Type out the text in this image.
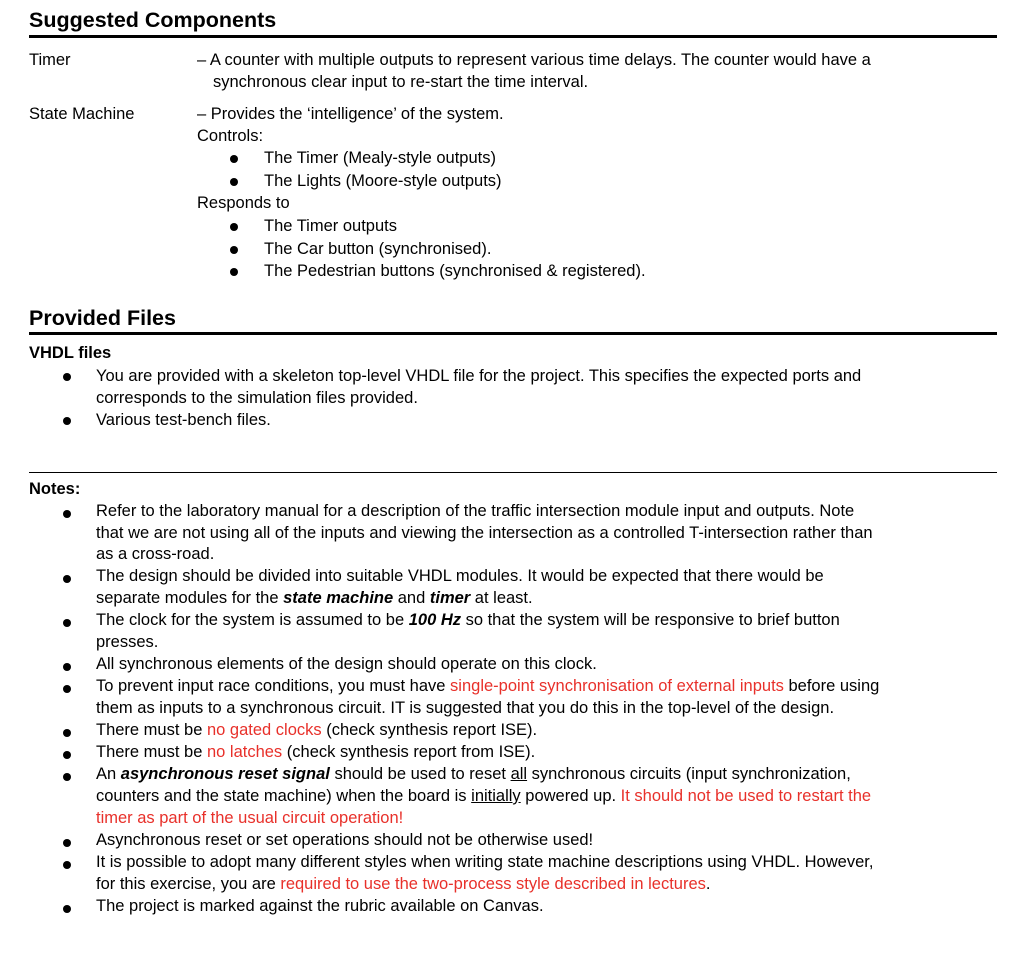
Suggested Components
Timer	– A counter with multiple outputs to represent various time delays. The counter would have a
synchronous clear input to re-start the time interval.
State Machine	– Provides the ‘intelligence’ of the system.
Controls:
The Timer (Mealy-style outputs)
The Lights (Moore-style outputs)
Responds to
The Timer outputs
The Car button (synchronised).
The Pedestrian buttons (synchronised & registered).
Provided Files
VHDL files
You are provided with a skeleton top-level VHDL file for the project. This specifies the expected ports and
corresponds to the simulation files provided.
Various test-bench files.
Notes:
Refer to the laboratory manual for a description of the traffic intersection module input and outputs. Note
that we are not using all of the inputs and viewing the intersection as a controlled T-intersection rather than
as a cross-road.
The design should be divided into suitable VHDL modules. It would be expected that there would be
separate modules for the state machine and timer at least.
The clock for the system is assumed to be 100 Hz so that the system will be responsive to brief button
presses.
All synchronous elements of the design should operate on this clock.
To prevent input race conditions, you must have single-point synchronisation of external inputs before using
them as inputs to a synchronous circuit. IT is suggested that you do this in the top-level of the design.
There must be no gated clocks (check synthesis report ISE).
There must be no latches (check synthesis report from ISE).
An asynchronous reset signal should be used to reset all synchronous circuits (input synchronization,
counters and the state machine) when the board is initially powered up. It should not be used to restart the
timer as part of the usual circuit operation!
Asynchronous reset or set operations should not be otherwise used!
It is possible to adopt many different styles when writing state machine descriptions using VHDL. However,
for this exercise, you are required to use the two-process style described in lectures.
The project is marked against the rubric available on Canvas.
